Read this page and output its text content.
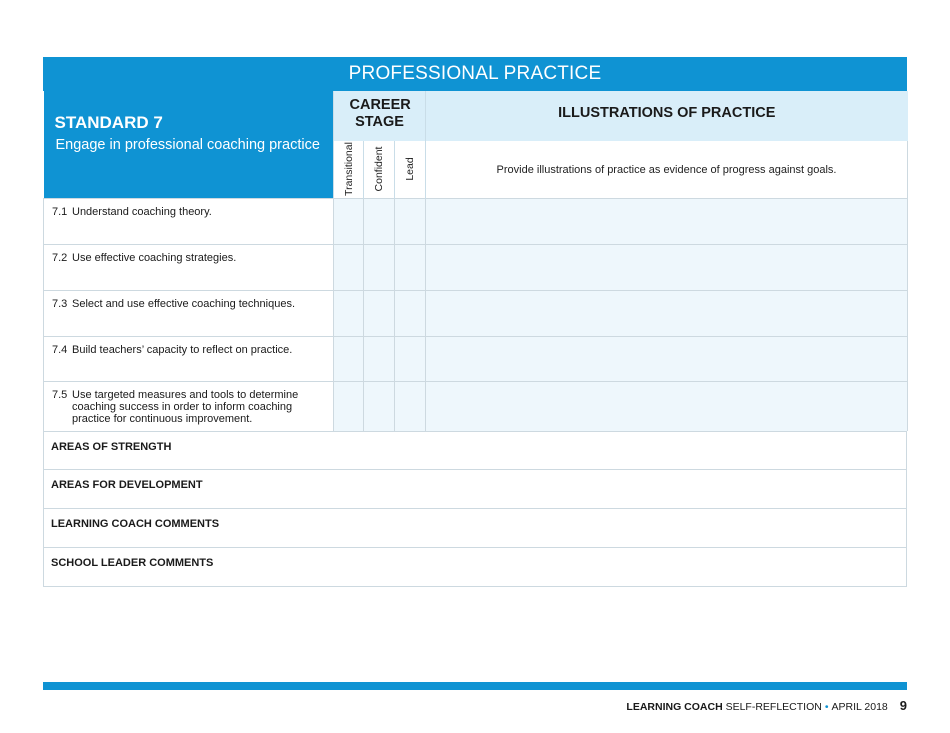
PROFESSIONAL PRACTICE
STANDARD 7
Engage in professional coaching practice	CAREER STAGE			ILLUSTRATIONS OF PRACTICE

	Transitional	Confident	Lead	Provide illustrations of practice as evidence of progress against goals.
7.1 Understand coaching theory.				
7.2 Use effective coaching strategies.				
7.3 Select and use effective coaching techniques.				
7.4 Build teachers’ capacity to reflect on practice.				
7.5 Use targeted measures and tools to determine coaching success in order to inform coaching practice for continuous improvement.				
AREAS OF STRENGTH
AREAS FOR DEVELOPMENT
LEARNING COACH COMMENTS
SCHOOL LEADER COMMENTS
LEARNING COACH SELF-REFLECTION • APRIL 2018 9
